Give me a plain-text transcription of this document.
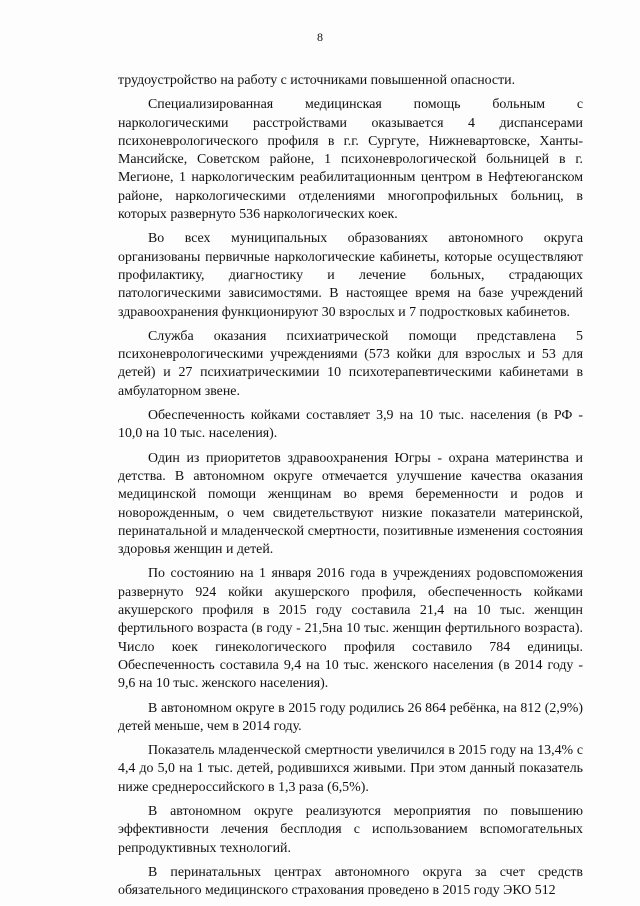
8

трудоустройство на работу с источниками повышенной опасности.

Специализированная медицинская помощь больным с наркологическими расстройствами оказывается 4 диспансерами психоневрологического профиля в г.г. Сургуте, Нижневартовске, Ханты-Мансийске, Советском районе, 1 психоневрологической больницей в г. Мегионе, 1 наркологическим реабилитационным центром в Нефтеюганском районе, наркологическими отделениями многопрофильных больниц, в которых развернуто 536 наркологических коек.

Во всех муниципальных образованиях автономного округа организованы первичные наркологические кабинеты, которые осуществляют профилактику, диагностику и лечение больных, страдающих патологическими зависимостями. В настоящее время на базе учреждений здравоохранения функционируют 30 взрослых и 7 подростковых кабинетов.

Служба оказания психиатрической помощи представлена 5 психоневрологическими учреждениями (573 койки для взрослых и 53 для детей) и 27 психиатрическимии 10 психотерапевтическими кабинетами в амбулаторном звене.

Обеспеченность койками составляет 3,9 на 10 тыс. населения (в РФ - 10,0 на 10 тыс. населения).

Один из приоритетов здравоохранения Югры - охрана материнства и детства. В автономном округе отмечается улучшение качества оказания медицинской помощи женщинам во время беременности и родов и новорожденным, о чем свидетельствуют низкие показатели материнской, перинатальной и младенческой смертности, позитивные изменения состояния здоровья женщин и детей.

По состоянию на 1 января 2016 года в учреждениях родовспоможения развернуто 924 койки акушерского профиля, обеспеченность койками акушерского профиля в 2015 году составила 21,4 на 10 тыс. женщин фертильного возраста (в году - 21,5на 10 тыс. женщин фертильного возраста). Число коек гинекологического профиля составило 784 единицы. Обеспеченность составила 9,4 на 10 тыс. женского населения (в 2014 году - 9,6 на 10 тыс. женского населения).

В автономном округе в 2015 году родились 26 864 ребёнка, на 812 (2,9%) детей меньше, чем в 2014 году.

Показатель младенческой смертности увеличился в 2015 году на 13,4% с 4,4 до 5,0 на 1 тыс. детей, родившихся живыми. При этом данный показатель ниже среднероссийского в 1,3 раза (6,5%).

В автономном округе реализуются мероприятия по повышению эффективности лечения бесплодия с использованием вспомогательных репродуктивных технологий.

В перинатальных центрах автономного округа за счет средств обязательного медицинского страхования проведено в 2015 году ЭКО 512
